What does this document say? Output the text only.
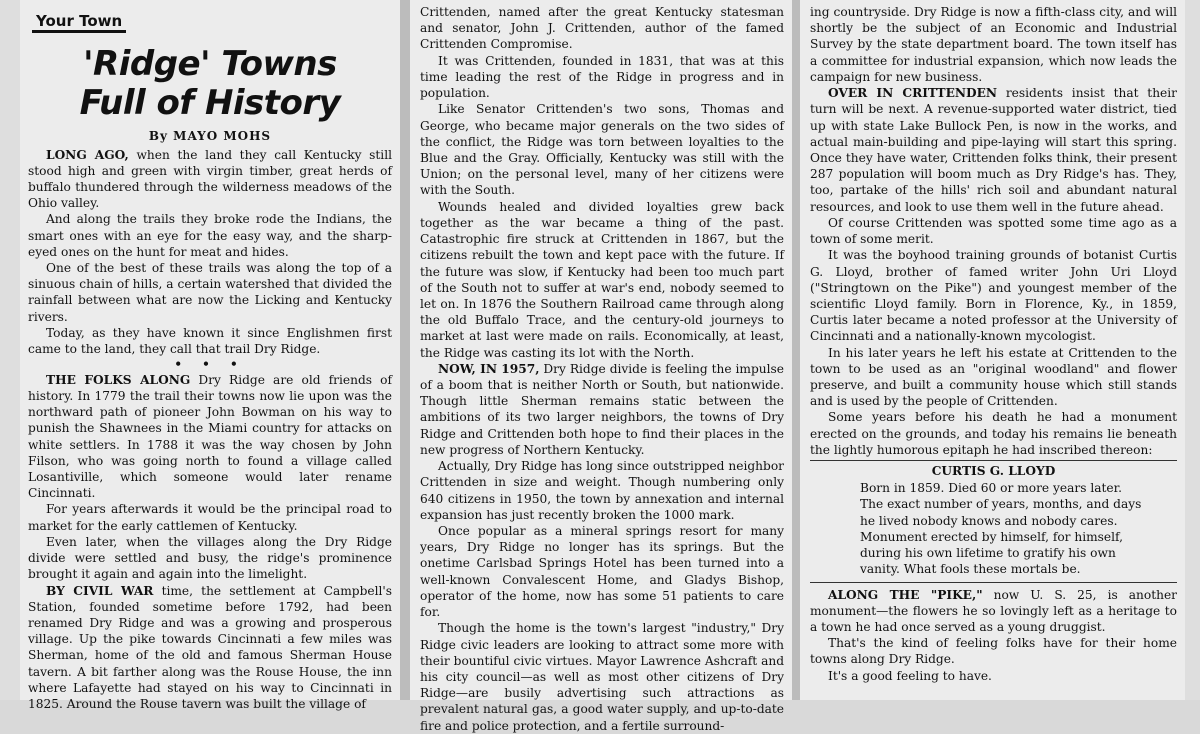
Your Town
'Ridge' Towns
Full of History
By MAYO MOHS

LONG AGO, when the land they call Kentucky still stood high and green with virgin timber, great herds of buffalo thundered through the wilderness meadows of the Ohio valley.

And along the trails they broke rode the Indians, the smart ones with an eye for the easy way, and the sharp-eyed ones on the hunt for meat and hides.

One of the best of these trails was along the top of a sinuous chain of hills, a certain watershed that divided the rainfall between what are now the Licking and Kentucky rivers.

Today, as they have known it since Englishmen first came to the land, they call that trail Dry Ridge.

• • •

THE FOLKS ALONG Dry Ridge are old friends of history. In 1779 the trail their towns now lie upon was the northward path of pioneer John Bowman on his way to punish the Shawnees in the Miami country for attacks on white settlers. In 1788 it was the way chosen by John Filson, who was going north to found a village called Losantiville, which someone would later rename Cincinnati.

For years afterwards it would be the principal road to market for the early cattlemen of Kentucky.

Even later, when the villages along the Dry Ridge divide were settled and busy, the ridge's prominence brought it again and again into the limelight.

BY CIVIL WAR time, the settlement at Campbell's Station, founded sometime before 1792, had been renamed Dry Ridge and was a growing and prosperous village. Up the pike towards Cincinnati a few miles was Sherman, home of the old and famous Sherman House tavern. A bit farther along was the Rouse House, the inn where Lafayette had stayed on his way to Cincinnati in 1825. Around the Rouse tavern was built the village of

Crittenden, named after the great Kentucky statesman and senator, John J. Crittenden, author of the famed Crittenden Compromise.

It was Crittenden, founded in 1831, that was at this time leading the rest of the Ridge in progress and in population.

Like Senator Crittenden's two sons, Thomas and George, who became major generals on the two sides of the conflict, the Ridge was torn between loyalties to the Blue and the Gray. Officially, Kentucky was still with the Union; on the personal level, many of her citizens were with the South.

Wounds healed and divided loyalties grew back together as the war became a thing of the past. Catastrophic fire struck at Crittenden in 1867, but the citizens rebuilt the town and kept pace with the future. If the future was slow, if Kentucky had been too much part of the South not to suffer at war's end, nobody seemed to let on. In 1876 the Southern Railroad came through along the old Buffalo Trace, and the century-old journeys to market at last were made on rails. Economically, at least, the Ridge was casting its lot with the North.

NOW, IN 1957, Dry Ridge divide is feeling the impulse of a boom that is neither North or South, but nationwide. Though little Sherman remains static between the ambitions of its two larger neighbors, the towns of Dry Ridge and Crittenden both hope to find their places in the new progress of Northern Kentucky.

Actually, Dry Ridge has long since outstripped neighbor Crittenden in size and weight. Though numbering only 640 citizens in 1950, the town by annexation and internal expansion has just recently broken the 1000 mark.

Once popular as a mineral springs resort for many years, Dry Ridge no longer has its springs. But the onetime Carlsbad Springs Hotel has been turned into a well-known Convalescent Home, and Gladys Bishop, operator of the home, now has some 51 patients to care for.

Though the home is the town's largest "industry," Dry Ridge civic leaders are looking to attract some more with their bountiful civic virtues. Mayor Lawrence Ashcraft and his city council—as well as most other citizens of Dry Ridge—are busily advertising such attractions as prevalent natural gas, a good water supply, and up-to-date fire and police protection, and a fertile surround-

ing countryside. Dry Ridge is now a fifth-class city, and will shortly be the subject of an Economic and Industrial Survey by the state department board. The town itself has a committee for industrial expansion, which now leads the campaign for new business.

OVER IN CRITTENDEN residents insist that their turn will be next. A revenue-supported water district, tied up with state Lake Bullock Pen, is now in the works, and actual main-building and pipe-laying will start this spring. Once they have water, Crittenden folks think, their present 287 population will boom much as Dry Ridge's has. They, too, partake of the hills' rich soil and abundant natural resources, and look to use them well in the future ahead.

Of course Crittenden was spotted some time ago as a town of some merit.

It was the boyhood training grounds of botanist Curtis G. Lloyd, brother of famed writer John Uri Lloyd ("Stringtown on the Pike") and youngest member of the scientific Lloyd family. Born in Florence, Ky., in 1859, Curtis later became a noted professor at the University of Cincinnati and a nationally-known mycologist.

In his later years he left his estate at Crittenden to the town to be used as an "original woodland" and flower preserve, and built a community house which still stands and is used by the people of Crittenden.

Some years before his death he had a monument erected on the grounds, and today his remains lie beneath the lightly humorous epitaph he had inscribed thereon:

CURTIS G. LLOYD

Born in 1859. Died 60 or more years later.

The exact number of years, months, and days

he lived nobody knows and nobody cares.

Monument erected by himself, for himself,

during his own lifetime to gratify his own

vanity. What fools these mortals be.

ALONG THE "PIKE," now U. S. 25, is another monument—the flowers he so lovingly left as a heritage to a town he had once served as a young druggist.

That's the kind of feeling folks have for their home towns along Dry Ridge.

It's a good feeling to have.
